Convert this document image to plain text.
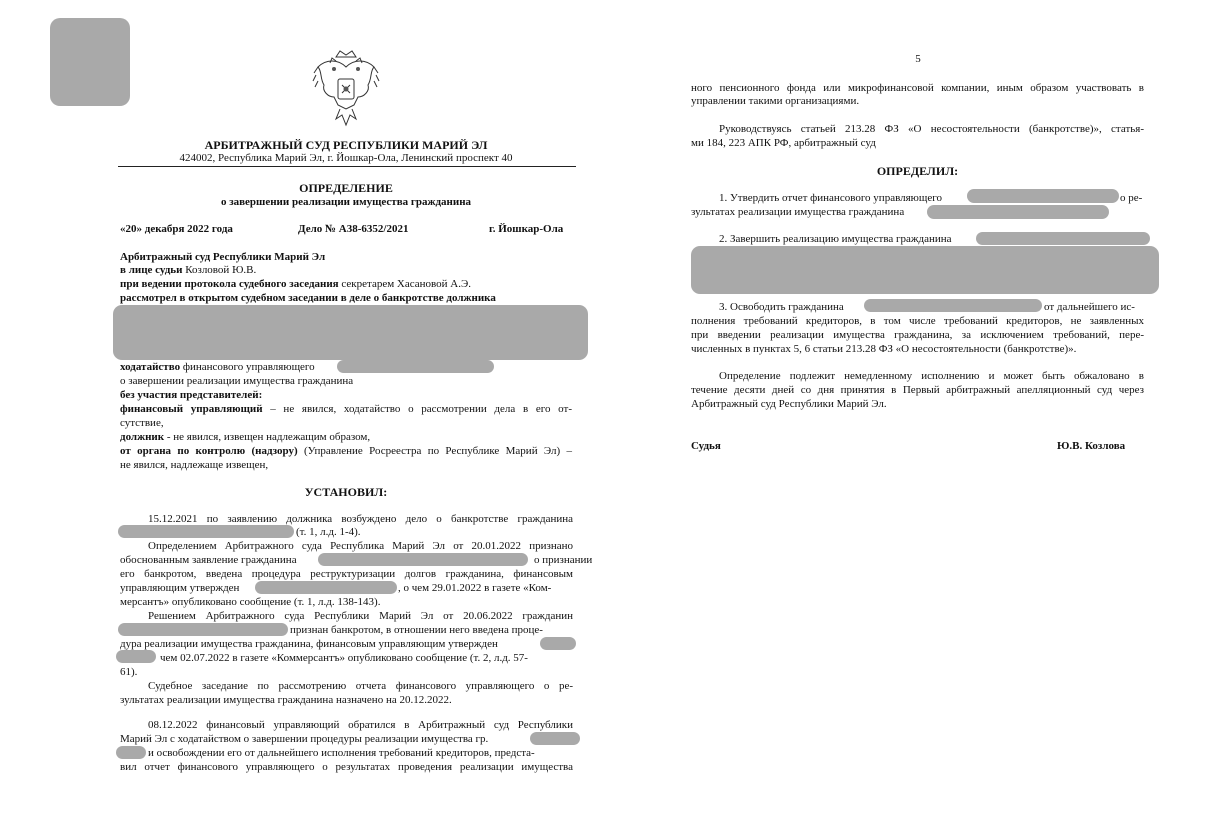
АРБИТРАЖНЫЙ СУД РЕСПУБЛИКИ МАРИЙ ЭЛ
424002, Республика Марий Эл, г. Йошкар-Ола, Ленинский проспект 40
ОПРЕДЕЛЕНИЕ
о завершении реализации имущества гражданина
«20» декабря 2022 года	Дело № А38-6352/2021	г. Йошкар-Ола
Арбитражный суд Республики Марий Эл
в лице судьи Козловой Ю.В.
при ведении протокола судебного заседания секретарем Хасановой А.Э.
рассмотрел в открытом судебном заседании в деле о банкротстве должника
ходатайство финансового управляющего
о завершении реализации имущества гражданина
без участия представителей:
финансовый управляющий – не явился, ходатайство о рассмотрении дела в его от-
сутствие,
должник - не явился, извещен надлежащим образом,
от органа по контролю (надзору) (Управление Росреестра по Республике Марий Эл) –
не явился, надлежаще извещен,
УСТАНОВИЛ:
15.12.2021 по заявлению должника возбуждено дело о банкротстве гражданина
(т. 1, л.д. 1-4).
Определением Арбитражного суда Республика Марий Эл от 20.01.2022 признано
обоснованным заявление гражданина	о признании
его банкротом, введена процедура реструктуризации долгов гражданина, финансовым
управляющим утвержден	, о чем 29.01.2022 в газете «Ком-
мерсантъ» опубликовано сообщение (т. 1, л.д. 138-143).
Решением Арбитражного суда Республики Марий Эл от 20.06.2022 гражданин
признан банкротом, в отношении него введена проце-
дура реализации имущества гражданина, финансовым управляющим утвержден
чем 02.07.2022 в газете «Коммерсантъ» опубликовано сообщение (т. 2, л.д. 57-
61).
Судебное заседание по рассмотрению отчета финансового управляющего о ре-
зультатах реализации имущества гражданина назначено на 20.12.2022.
08.12.2022 финансовый управляющий обратился в Арбитражный суд Республики
Марий Эл с ходатайством о завершении процедуры реализации имущества гр.
и освобождении его от дальнейшего исполнения требований кредиторов, предста-
вил отчет финансового управляющего о результатах проведения реализации имущества
5
ного пенсионного фонда или микрофинансовой компании, иным образом участвовать в
управлении такими организациями.
Руководствуясь статьей 213.28 ФЗ «О несостоятельности (банкротстве)», статья-
ми 184, 223 АПК РФ, арбитражный суд
ОПРЕДЕЛИЛ:
1. Утвердить отчет финансового управляющего	о ре-
зультатах реализации имущества гражданина
2. Завершить реализацию имущества гражданина
3. Освободить гражданина	от дальнейшего ис-
полнения требований кредиторов, в том числе требований кредиторов, не заявленных
при введении реализации имущества гражданина, за исключением требований, пере-
численных в пунктах 5, 6 статьи 213.28 ФЗ «О несостоятельности (банкротстве)».
Определение подлежит немедленному исполнению и может быть обжаловано в
течение десяти дней со дня принятия в Первый арбитражный апелляционный суд через
Арбитражный суд Республики Марий Эл.
Судья	Ю.В. Козлова
